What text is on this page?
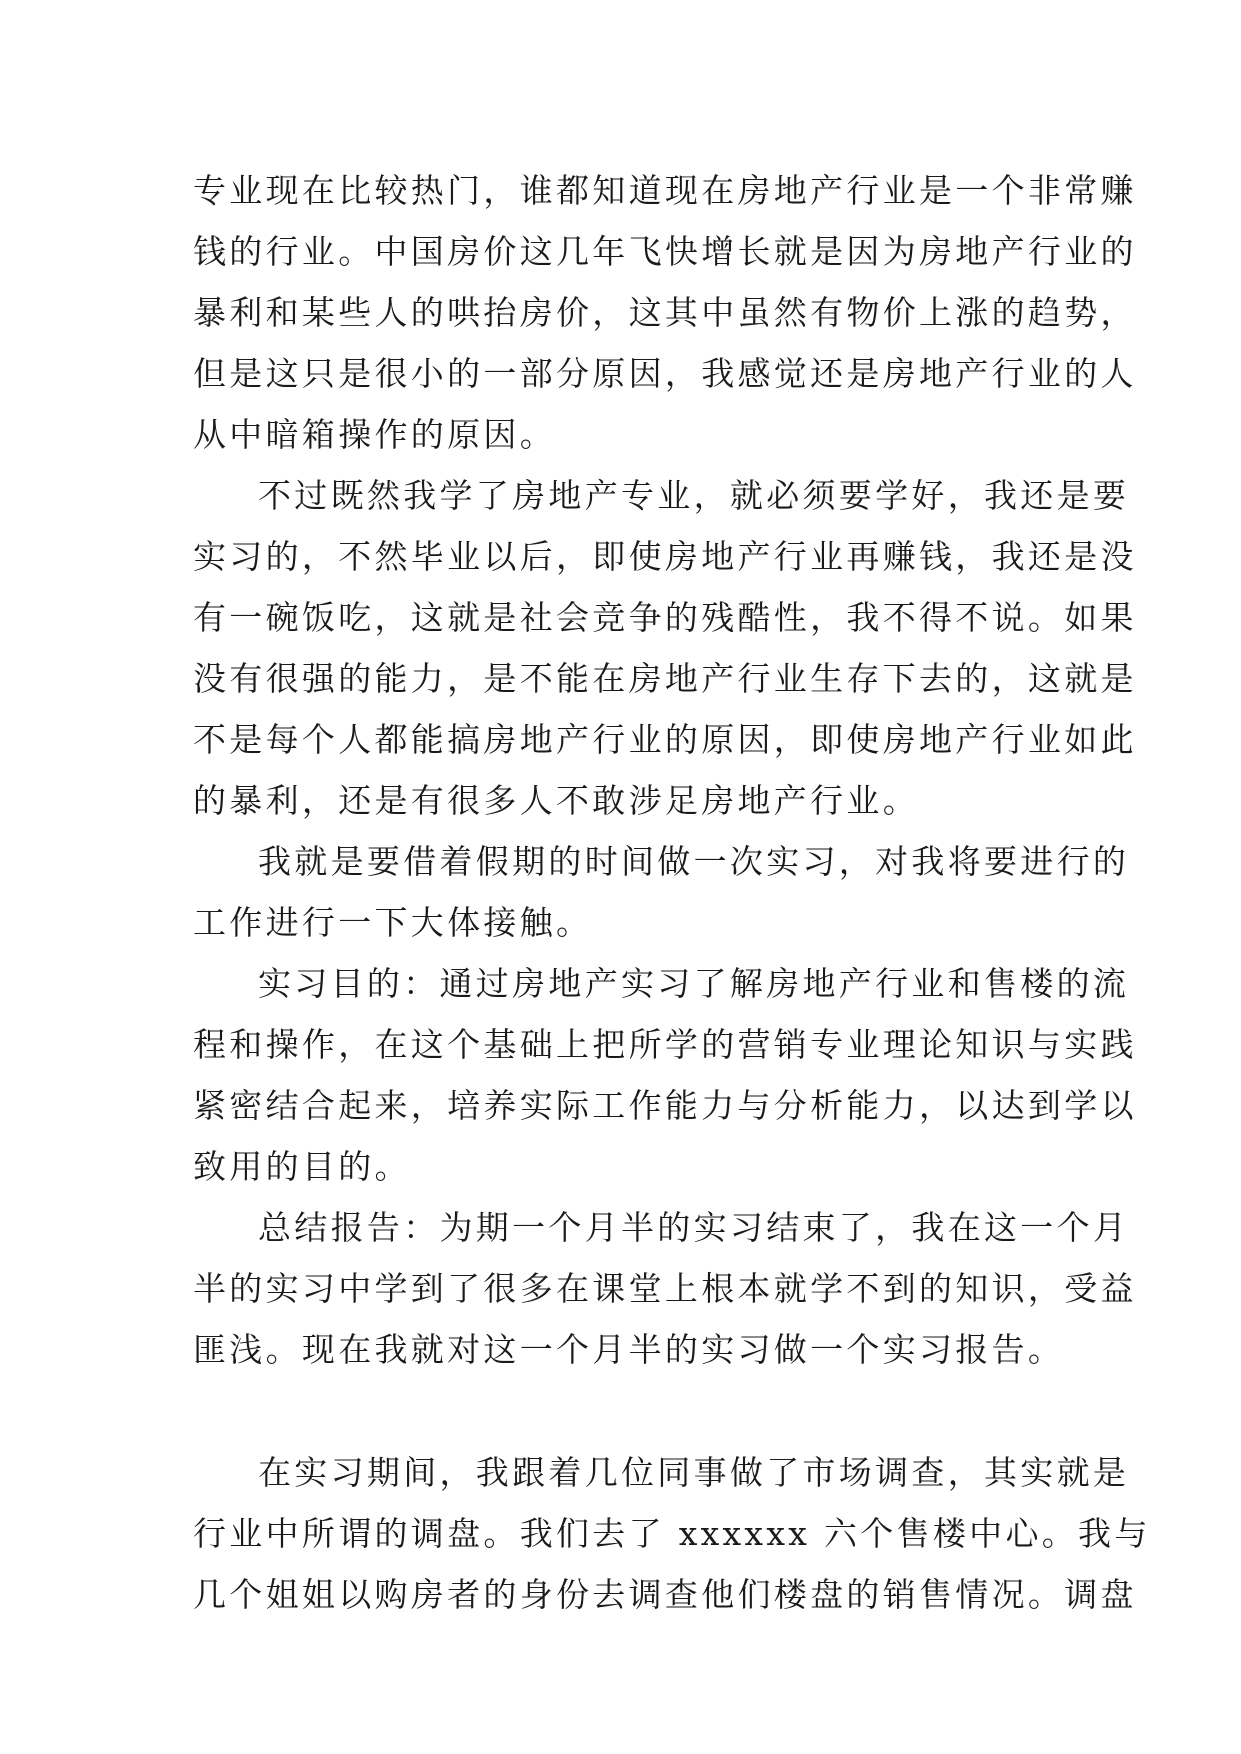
专业现在比较热门，谁都知道现在房地产行业是一个非常赚
钱的行业。中国房价这几年飞快增长就是因为房地产行业的
暴利和某些人的哄抬房价，这其中虽然有物价上涨的趋势，
但是这只是很小的一部分原因，我感觉还是房地产行业的人
从中暗箱操作的原因。
不过既然我学了房地产专业，就必须要学好，我还是要
实习的，不然毕业以后，即使房地产行业再赚钱，我还是没
有一碗饭吃，这就是社会竞争的残酷性，我不得不说。如果
没有很强的能力，是不能在房地产行业生存下去的，这就是
不是每个人都能搞房地产行业的原因，即使房地产行业如此
的暴利，还是有很多人不敢涉足房地产行业。
我就是要借着假期的时间做一次实习，对我将要进行的
工作进行一下大体接触。
实习目的：通过房地产实习了解房地产行业和售楼的流
程和操作，在这个基础上把所学的营销专业理论知识与实践
紧密结合起来，培养实际工作能力与分析能力，以达到学以
致用的目的。
总结报告：为期一个月半的实习结束了，我在这一个月
半的实习中学到了很多在课堂上根本就学不到的知识，受益
匪浅。现在我就对这一个月半的实习做一个实习报告。
在实习期间，我跟着几位同事做了市场调查，其实就是
行业中所谓的调盘。我们去了 xxxxxx 六个售楼中心。我与
几个姐姐以购房者的身份去调查他们楼盘的销售情况。调盘
